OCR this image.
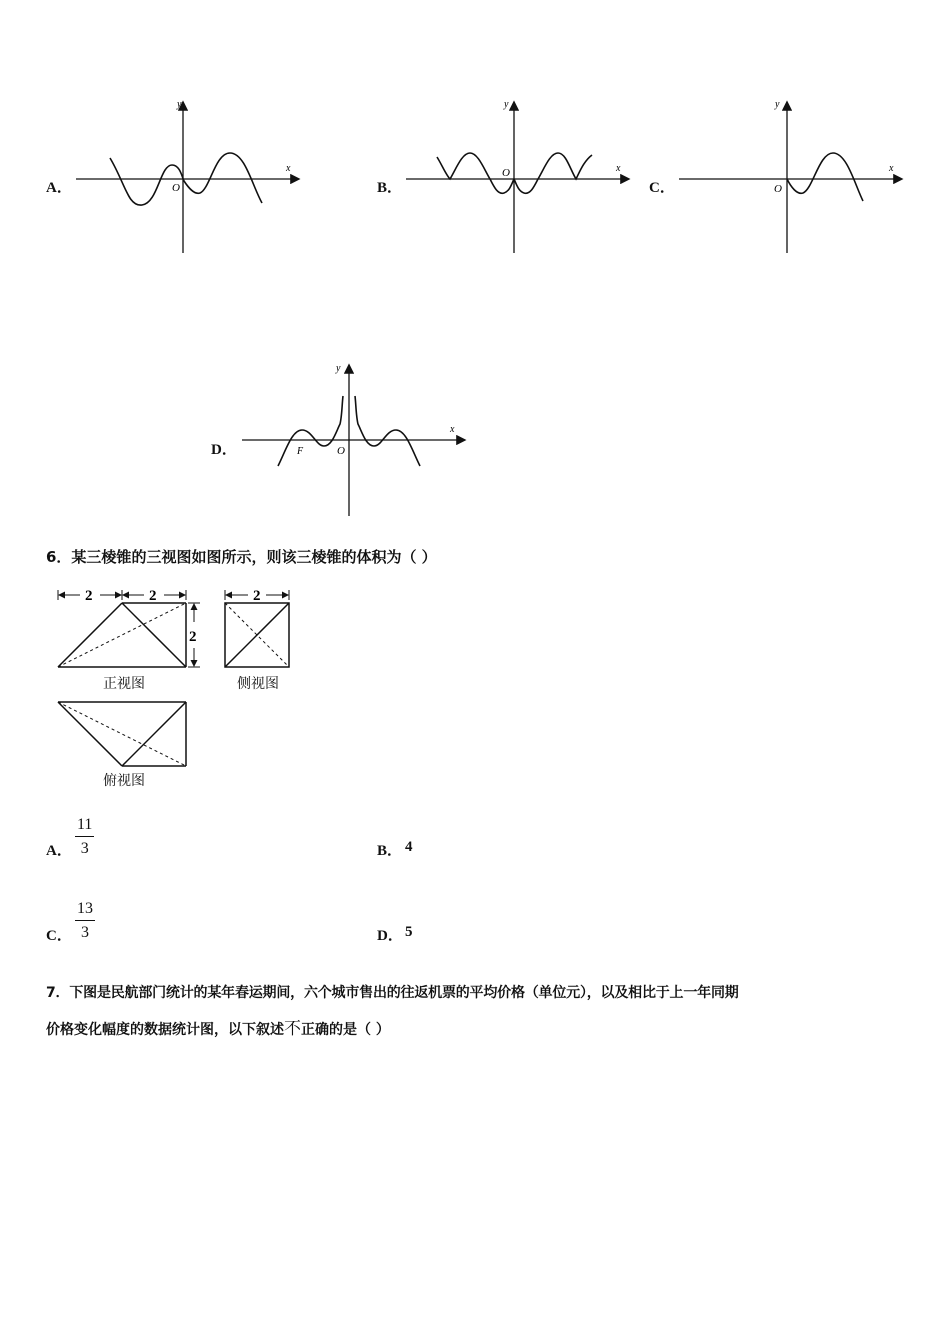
A．
y
x
O	B．
y
x
O
C．
y
x
O
D．
y
x
O
F
6．某三棱锥的三视图如图所示，则该三棱锥的体积为（ ）
2	2
2
正视图
2
侧视图
俯视图
A． $\frac{11}{3}$	B． 4
C． $\frac{13}{3}$	D． 5
7．下图是民航部门统计的某年春运期间，六个城市售出的往返机票的平均价格（单位元），以及相比于上一年同期
价格变化幅度的数据统计图，以下叙述不正确的是（ ）
